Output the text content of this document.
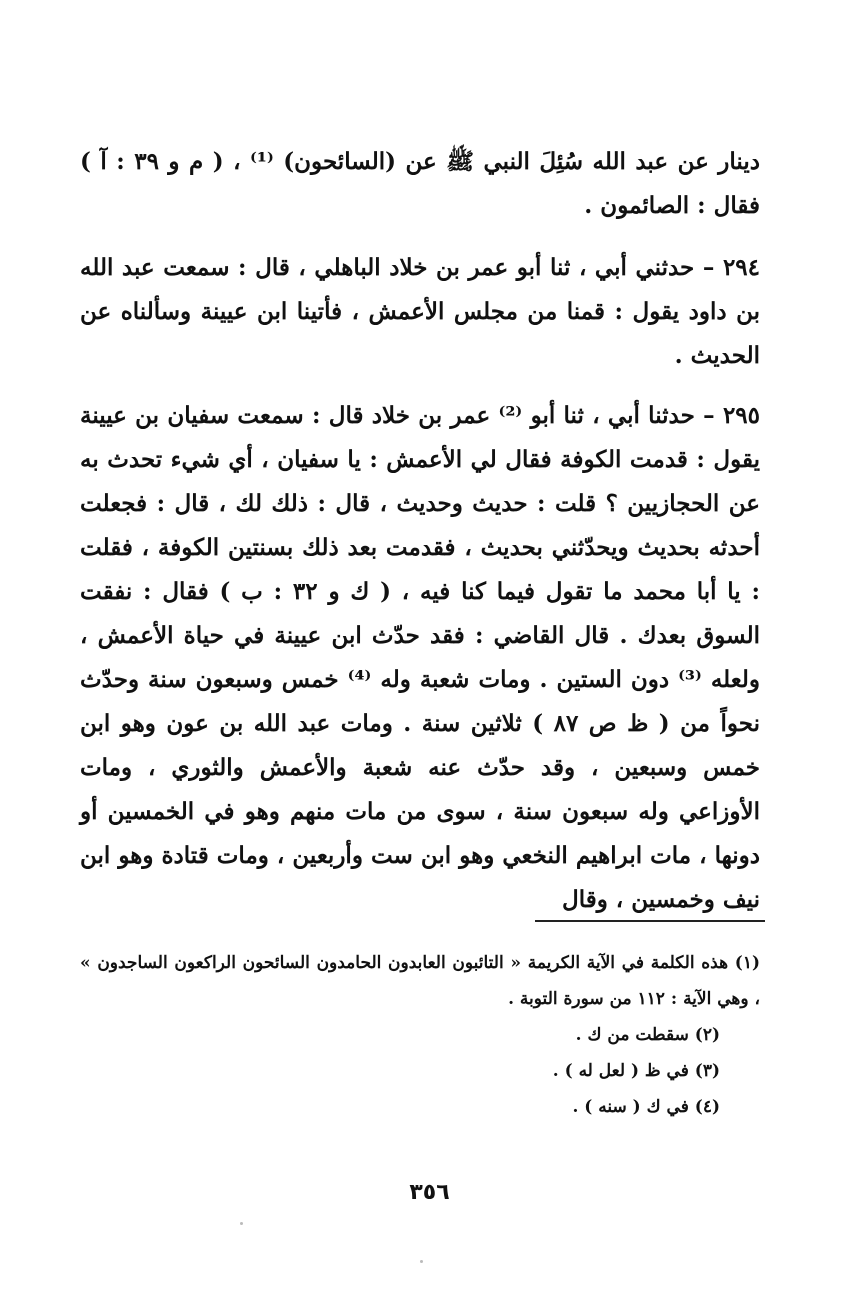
دينار عن عبد الله سُئِلَ النبي ﷺ عن (السائحون) ⁽¹⁾ ، ( م و ٣٩ : آ ) فقال : الصائمون .

٢٩٤ – حدثني أبي ، ثنا أبو عمر بن خلاد الباهلي ، قال : سمعت عبد الله بن داود يقول : قمنا من مجلس الأعمش ، فأتينا ابن عيينة وسألناه عن الحديث .

٢٩٥ – حدثنا أبي ، ثنا أبو ⁽²⁾ عمر بن خلاد قال : سمعت سفيان بن عيينة يقول : قدمت الكوفة فقال لي الأعمش : يا سفيان ، أي شيء تحدث به عن الحجازيين ؟ قلت : حديث وحديث ، قال : ذلك لك ، قال : فجعلت أحدثه بحديث ويحدّثني بحديث ، فقدمت بعد ذلك بسنتين الكوفة ، فقلت : يا أبا محمد ما تقول فيما كنا فيه ، ( ك و ٣٢ : ب ) فقال : نفقت السوق بعدك . قال القاضي : فقد حدّث ابن عيينة في حياة الأعمش ، ولعله ⁽³⁾ دون الستين . ومات شعبة وله ⁽⁴⁾ خمس وسبعون سنة وحدّث نحواً من ( ظ ص ٨٧ ) ثلاثين سنة . ومات عبد الله بن عون وهو ابن خمس وسبعين ، وقد حدّث عنه شعبة والأعمش والثوري ، ومات الأوزاعي وله سبعون سنة ، سوى من مات منهم وهو في الخمسين أو دونها ، مات ابراهيم النخعي وهو ابن ست وأربعين ، ومات قتادة وهو ابن نيف وخمسين ، وقال

(١) هذه الكلمة في الآية الكريمة « التائبون العابدون الحامدون السائحون الراكعون الساجدون » ، وهي الآية : ١١٢ من سورة التوبة .

(٢) سقطت من ك .

(٣) في ظ ( لعل له ) .

(٤) في ك ( سنه ) .

٣٥٦
